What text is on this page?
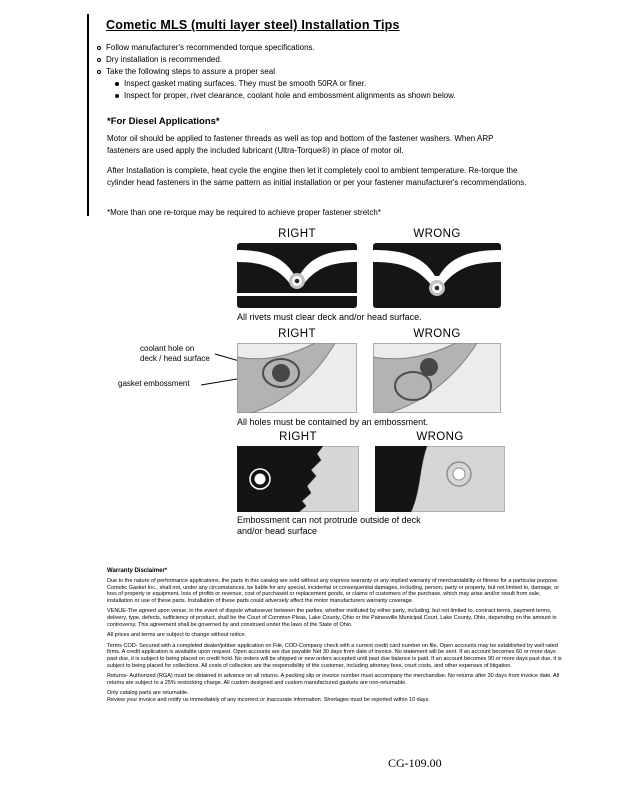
Cometic MLS (multi layer steel) Installation Tips
Follow manufacturer's recommended torque specifications.
Dry installation is recommended.
Take the following steps to assure a proper seal
Inspect gasket mating surfaces. They must be smooth 50RA or finer.
Inspect for proper, rivet clearance, coolant hole and embossment alignments as shown below.
*For Diesel Applications*
Motor oil should be applied to fastener threads as well as top and bottom of the fastener washers. When ARP fasteners are used apply the included lubricant (Ultra-Torque®) in place of motor oil.
After Installation is complete, heat cycle the engine then let it completely cool to ambient temperature. Re-torque the cylinder head fasteners in the same pattern as initial installation or per your fastener manufacturer's recommendations.
*More than one re-torque may be required to achieve proper fastener stretch*
RIGHT	WRONG
All rivets must clear deck and/or head surface.
coolant hole on
deck / head surface
gasket embossment
RIGHT	WRONG
All holes must be contained by an embossment.
RIGHT	WRONG
Embossment can not protrude outside of deck and/or head surface
Warranty Disclaimer*

Due to the nature of performance applications, the parts in this catalog are sold without any express warranty or any implied warranty of merchantability or fitness for a particular purpose. Cometic Gasket Inc., shall not, under any circumstances, be liable for any special, incidental or consequential damages, including, person, party or property, but not limited to, damage, or loss of property or equipment, loss of profits or revenue, cost of purchased or replacement goods, or claims of customers of the purchase, which may arise and/or result from sale, installation or use of these parts. Installation of these parts could adversely affect the motor manufacturers warranty coverage.

VENUE-The agreed upon venue, in the event of dispute whatsoever between the parties, whether instituted by either party, including, but not limited to, contract terms, payment terms, delivery, type, defects, sufficiency of product, shall be the Court of Common Pleas, Lake County, Ohio or the Painesville Municipal Court, Lake County, Ohio, depending on the amount in controversy. This agreement shall be governed by and construed under the laws of the State of Ohio.

All prices and terms are subject to change without notice.

Terms COD- Secured with a completed dealer/jobber application on File, COD-Company check with a current credit card number on file. Open accounts may be established by well rated firms. A credit application is available upon request. Open accounts are due payable Net 30 days from date of invoice. No statement will be sent. If an account becomes 60 or more days past due, it is subject to being placed on credit hold. No orders will be shipped or new orders accepted until past due balance is paid. If an account becomes 90 or more days past due, it is subject to being placed for collections. All costs of collection are the responsibility of the customer, including attorney fees, court costs, and other expenses of litigation.

Returns- Authorized (RGA) must be obtained in advance on all returns. A packing slip or invoice number must accompany the merchandise. No returns after 30 days from invoice date. All returns are subject to a 25% restocking charge. All custom designed and custom manufactured gaskets are non-returnable.

Only catalog parts are returnable.

Review your invoice and notify us immediately of any incorrect or inaccurate information. Shortages must be reported within 10 days.

CG-109.00
